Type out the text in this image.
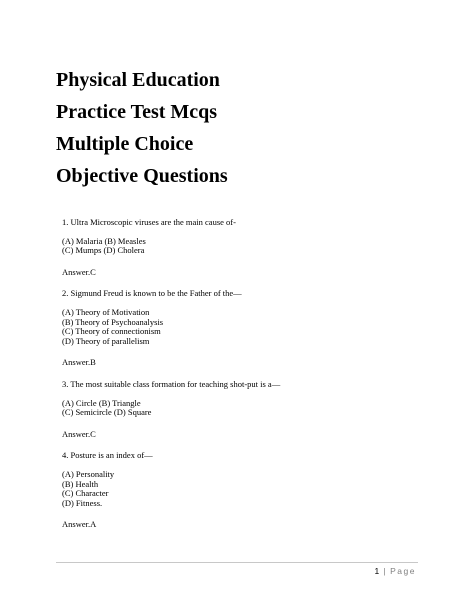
Physical Education

Practice Test Mcqs

Multiple Choice

Objective Questions

1. Ultra Microscopic viruses are the main cause of-

(A) Malaria (B) Measles

(C) Mumps (D) Cholera

Answer.C

2. Sigmund Freud is known to be the Father of the—

(A) Theory of Motivation

(B) Theory of Psychoanalysis

(C) Theory of connectionism

(D) Theory of parallelism

Answer.B

3. The most suitable class formation for teaching shot-put is a—

(A) Circle (B) Triangle

(C) Semicircle (D) Square

Answer.C

4. Posture is an index of—

(A) Personality

(B) Health

(C) Character

(D) Fitness.

Answer.A

1 | Page
